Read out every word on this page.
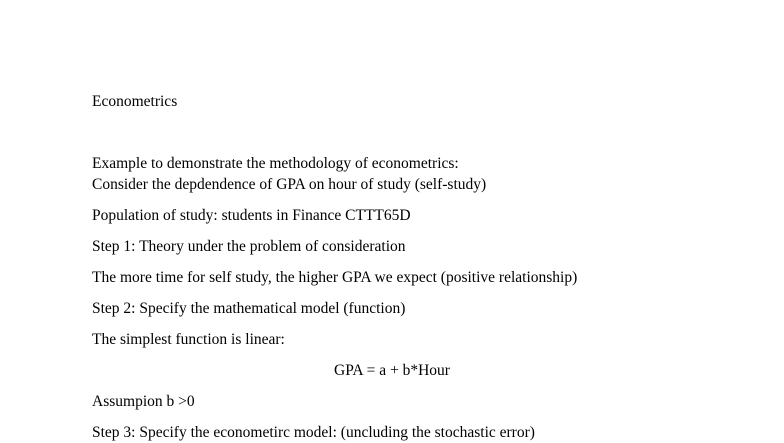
Econometrics
Example to demonstrate the methodology of econometrics:
Consider the depdendence of GPA on hour of study (self-study)
Population of study: students in Finance CTTT65D
Step 1: Theory under the problem of consideration
The more time for self study, the higher GPA we expect (positive relationship)
Step 2: Specify the mathematical model (function)
The simplest function is linear:
GPA = a + b*Hour
Assumpion b >0
Step 3: Specify the econometirc model: (uncluding the stochastic error)
